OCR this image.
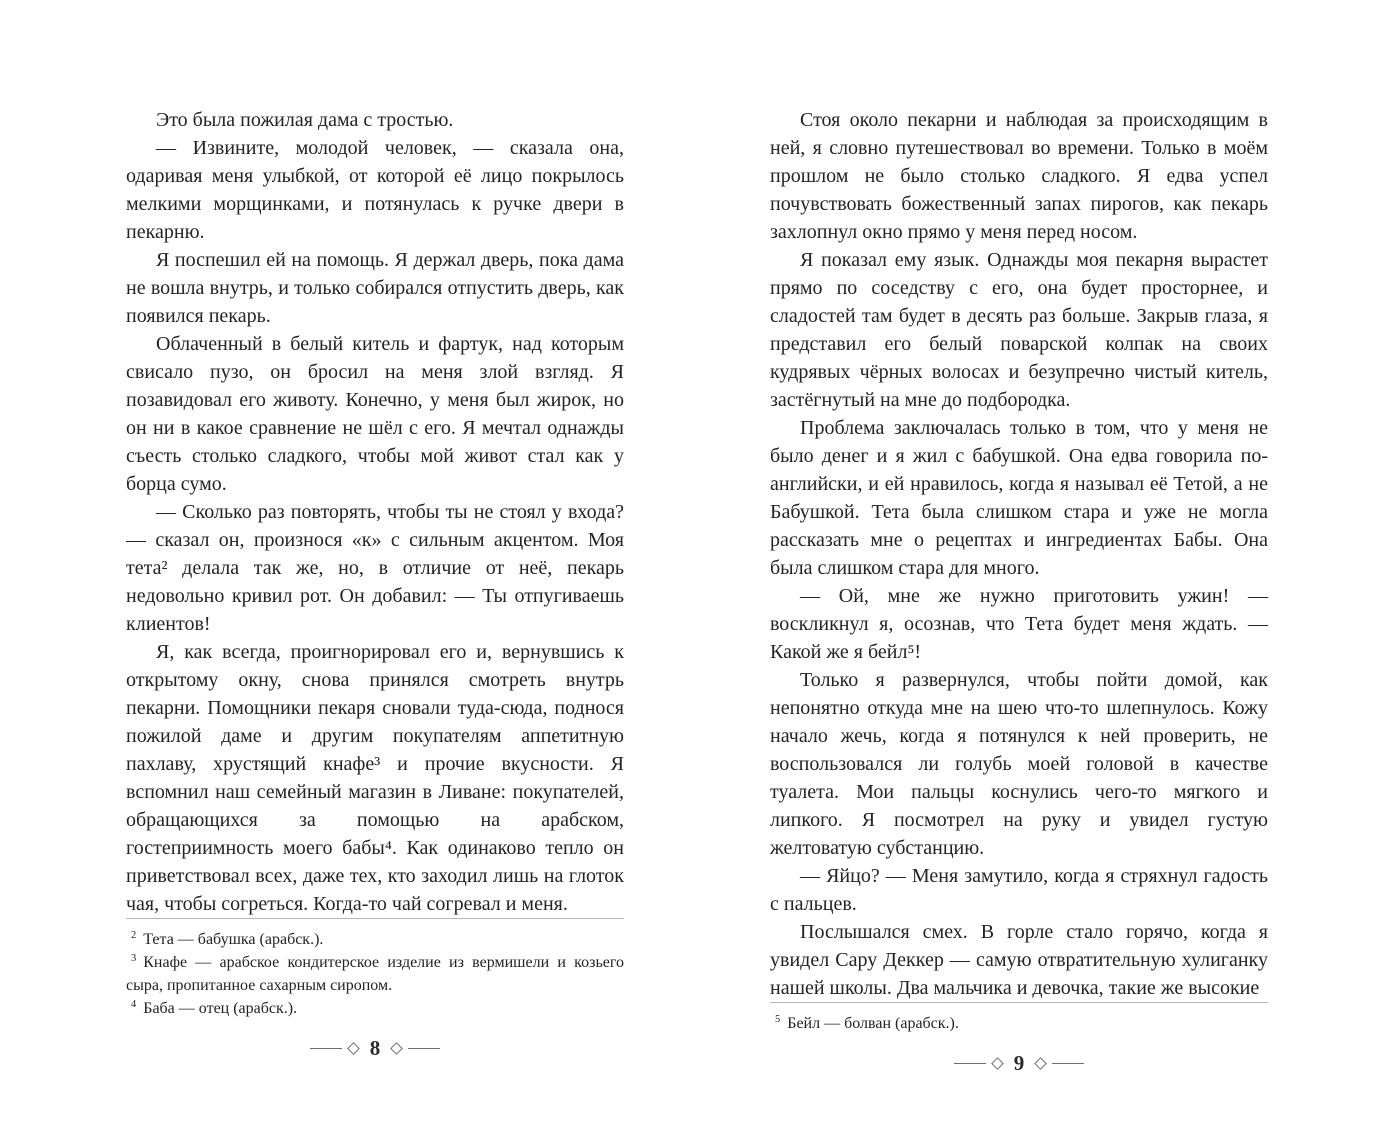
Это была пожилая дама с тростью.

— Извините, молодой человек, — сказала она, одаривая меня улыбкой, от которой её лицо покрылось мелкими морщинками, и потянулась к ручке двери в пекарню.

Я поспешил ей на помощь. Я держал дверь, пока дама не вошла внутрь, и только собирался отпустить дверь, как появился пекарь.

Облаченный в белый китель и фартук, над которым свисало пузо, он бросил на меня злой взгляд. Я позавидовал его животу. Конечно, у меня был жирок, но он ни в какое сравнение не шёл с его. Я мечтал однажды съесть столько сладкого, чтобы мой живот стал как у борца сумо.

— Сколько раз повторять, чтобы ты не стоял у входа? — сказал он, произнося «к» с сильным акцентом. Моя тета² делала так же, но, в отличие от неё, пекарь недовольно кривил рот. Он добавил: — Ты отпугиваешь клиентов!

Я, как всегда, проигнорировал его и, вернувшись к открытому окну, снова принялся смотреть внутрь пекарни. Помощники пекаря сновали туда-сюда, поднося пожилой даме и другим покупателям аппетитную пахлаву, хрустящий кнафе³ и прочие вкусности. Я вспомнил наш семейный магазин в Ливане: покупателей, обращающихся за помощью на арабском, гостеприимность моего бабы⁴. Как одинаково тепло он приветствовал всех, даже тех, кто заходил лишь на глоток чая, чтобы согреться. Когда-то чай согревал и меня.

$^2$ Тета — бабушка (арабск.).

$^3$ Кнафе — арабское кондитерское изделие из вермишели и козьего сыра, пропитанное сахарным сиропом.

$^4$ Баба — отец (арабск.).

8

Стоя около пекарни и наблюдая за происходящим в ней, я словно путешествовал во времени. Только в моём прошлом не было столько сладкого. Я едва успел почувствовать божественный запах пирогов, как пекарь захлопнул окно прямо у меня перед носом.

Я показал ему язык. Однажды моя пекарня вырастет прямо по соседству с его, она будет просторнее, и сладостей там будет в десять раз больше. Закрыв глаза, я представил его белый поварской колпак на своих кудрявых чёрных волосах и безупречно чистый китель, застёгнутый на мне до подбородка.

Проблема заключалась только в том, что у меня не было денег и я жил с бабушкой. Она едва говорила по-английски, и ей нравилось, когда я называл её Тетой, а не Бабушкой. Тета была слишком стара и уже не могла рассказать мне о рецептах и ингредиентах Бабы. Она была слишком стара для много.

— Ой, мне же нужно приготовить ужин! — воскликнул я, осознав, что Тета будет меня ждать. — Какой же я бейл⁵!

Только я развернулся, чтобы пойти домой, как непонятно откуда мне на шею что-то шлепнулось. Кожу начало жечь, когда я потянулся к ней проверить, не воспользовался ли голубь моей головой в качестве туалета. Мои пальцы коснулись чего-то мягкого и липкого. Я посмотрел на руку и увидел густую желтоватую субстанцию.

— Яйцо? — Меня замутило, когда я стряхнул гадость с пальцев.

Послышался смех. В горле стало горячо, когда я увидел Сару Деккер — самую отвратительную хулиганку нашей школы. Два мальчика и девочка, такие же высокие

$^5$ Бейл — болван (арабск.).

9
